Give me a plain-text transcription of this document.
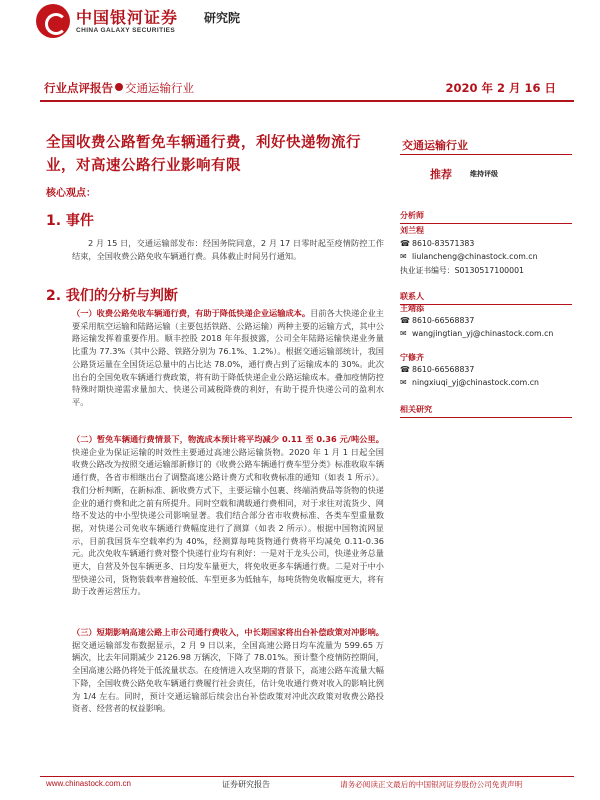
中国银河证券
CHINA GALAXY SECURITIES
研究院
行业点评报告 交通运输行业	2020 年 2 月 16 日
全国收费公路暂免车辆通行费，利好快递物流行业，对高速公路行业影响有限
核心观点：
1. 事件
2 月 15 日，交通运输部发布：经国务院同意，2 月 17 日零时起至疫情防控工作结束，全国收费公路免收车辆通行费。具体截止时间另行通知。
2. 我们的分析与判断
（一）收费公路免收车辆通行费，有助于降低快递企业运输成本。目前各大快递企业主要采用航空运输和陆路运输（主要包括铁路、公路运输）两种主要的运输方式，其中公路运输发挥着重要作用。顺丰控股 2018 年年报披露，公司全年陆路运输快递业务量比重为 77.3%（其中公路、铁路分别为 76.1%、1.2%）。根据交通运输部统计，我国公路货运量在全国货运总量中的占比达 78.0%，通行费占到了运输成本的 30%。此次出台的全国免收车辆通行费政策，将有助于降低快递企业公路运输成本。叠加疫情防控特殊时期快递需求量加大、快递公司减税降费的利好，有助于提升快递公司的盈利水平。
（二）暂免车辆通行费情景下，物流成本预计将平均减少 0.11 至 0.36 元/吨公里。快递企业为保证运输的时效性主要通过高速公路运输货物。2020 年 1 月 1 日起全国收费公路改为按照交通运输部新修订的《收费公路车辆通行费车型分类》标准收取车辆通行费，各省市相继出台了调整高速公路计费方式和收费标准的通知（如表 1 所示）。我们分析判断，在新标准、新收费方式下，主要运输小包裹、终端消费品等货物的快递企业的通行费和此之前有所提升。同时空载和满载通行费相同，对于求往对流货少、网络不发达的中小型快递公司影响显著。我们结合部分省市收费标准、各类车型重量数据，对快递公司免收车辆通行费幅度进行了测算（如表 2 所示）。根据中国物流网显示，目前我国货车空载率约为 40%，经测算每吨货物通行费将平均减免 0.11-0.36 元。此次免收车辆通行费对整个快递行业均有利好：一是对于龙头公司，快递业务总量更大，自营及外包车辆更多、日均发车量更大，将免收更多车辆通行费。二是对于中小型快递公司，货物装载率普遍较低、车型更多为低轴车，每吨货物免收幅度更大，将有助于改善运营压力。
（三）短期影响高速公路上市公司通行费收入，中长期国家将出台补偿政策对冲影响。据交通运输部发布数据显示，2 月 9 日以来，全国高速公路日均车流量为 599.65 万辆次，比去年同期减少 2126.98 万辆次，下降了 78.01%。预计整个疫情防控期间，全国高速公路仍将处于低流量状态。在疫情进入攻坚期的背景下，高速公路车流量大幅下降，全国收费公路免收车辆通行费履行社会责任，估计免收通行费对收入的影响比例为 1/4 左右。同时，预计交通运输部后续会出台补偿政策对冲此次政策对收费公路投资者、经营者的权益影响。
交通运输行业
推荐	维持评级
分析师
刘兰程
☎ 8610-83571383
✉ liulancheng@chinastock.com.cn
执业证书编号：S0130517100001
联系人
王靖添
☎ 8610-66568837
✉ wangjingtian_yj@chinastock.com.cn
宁修齐
☎ 8610-66568837
✉ ningxiuqi_yj@chinastock.com.cn
相关研究
www.chinastock.com.cn	证券研究报告	请务必阅读正文最后的中国银河证券股份公司免责声明
